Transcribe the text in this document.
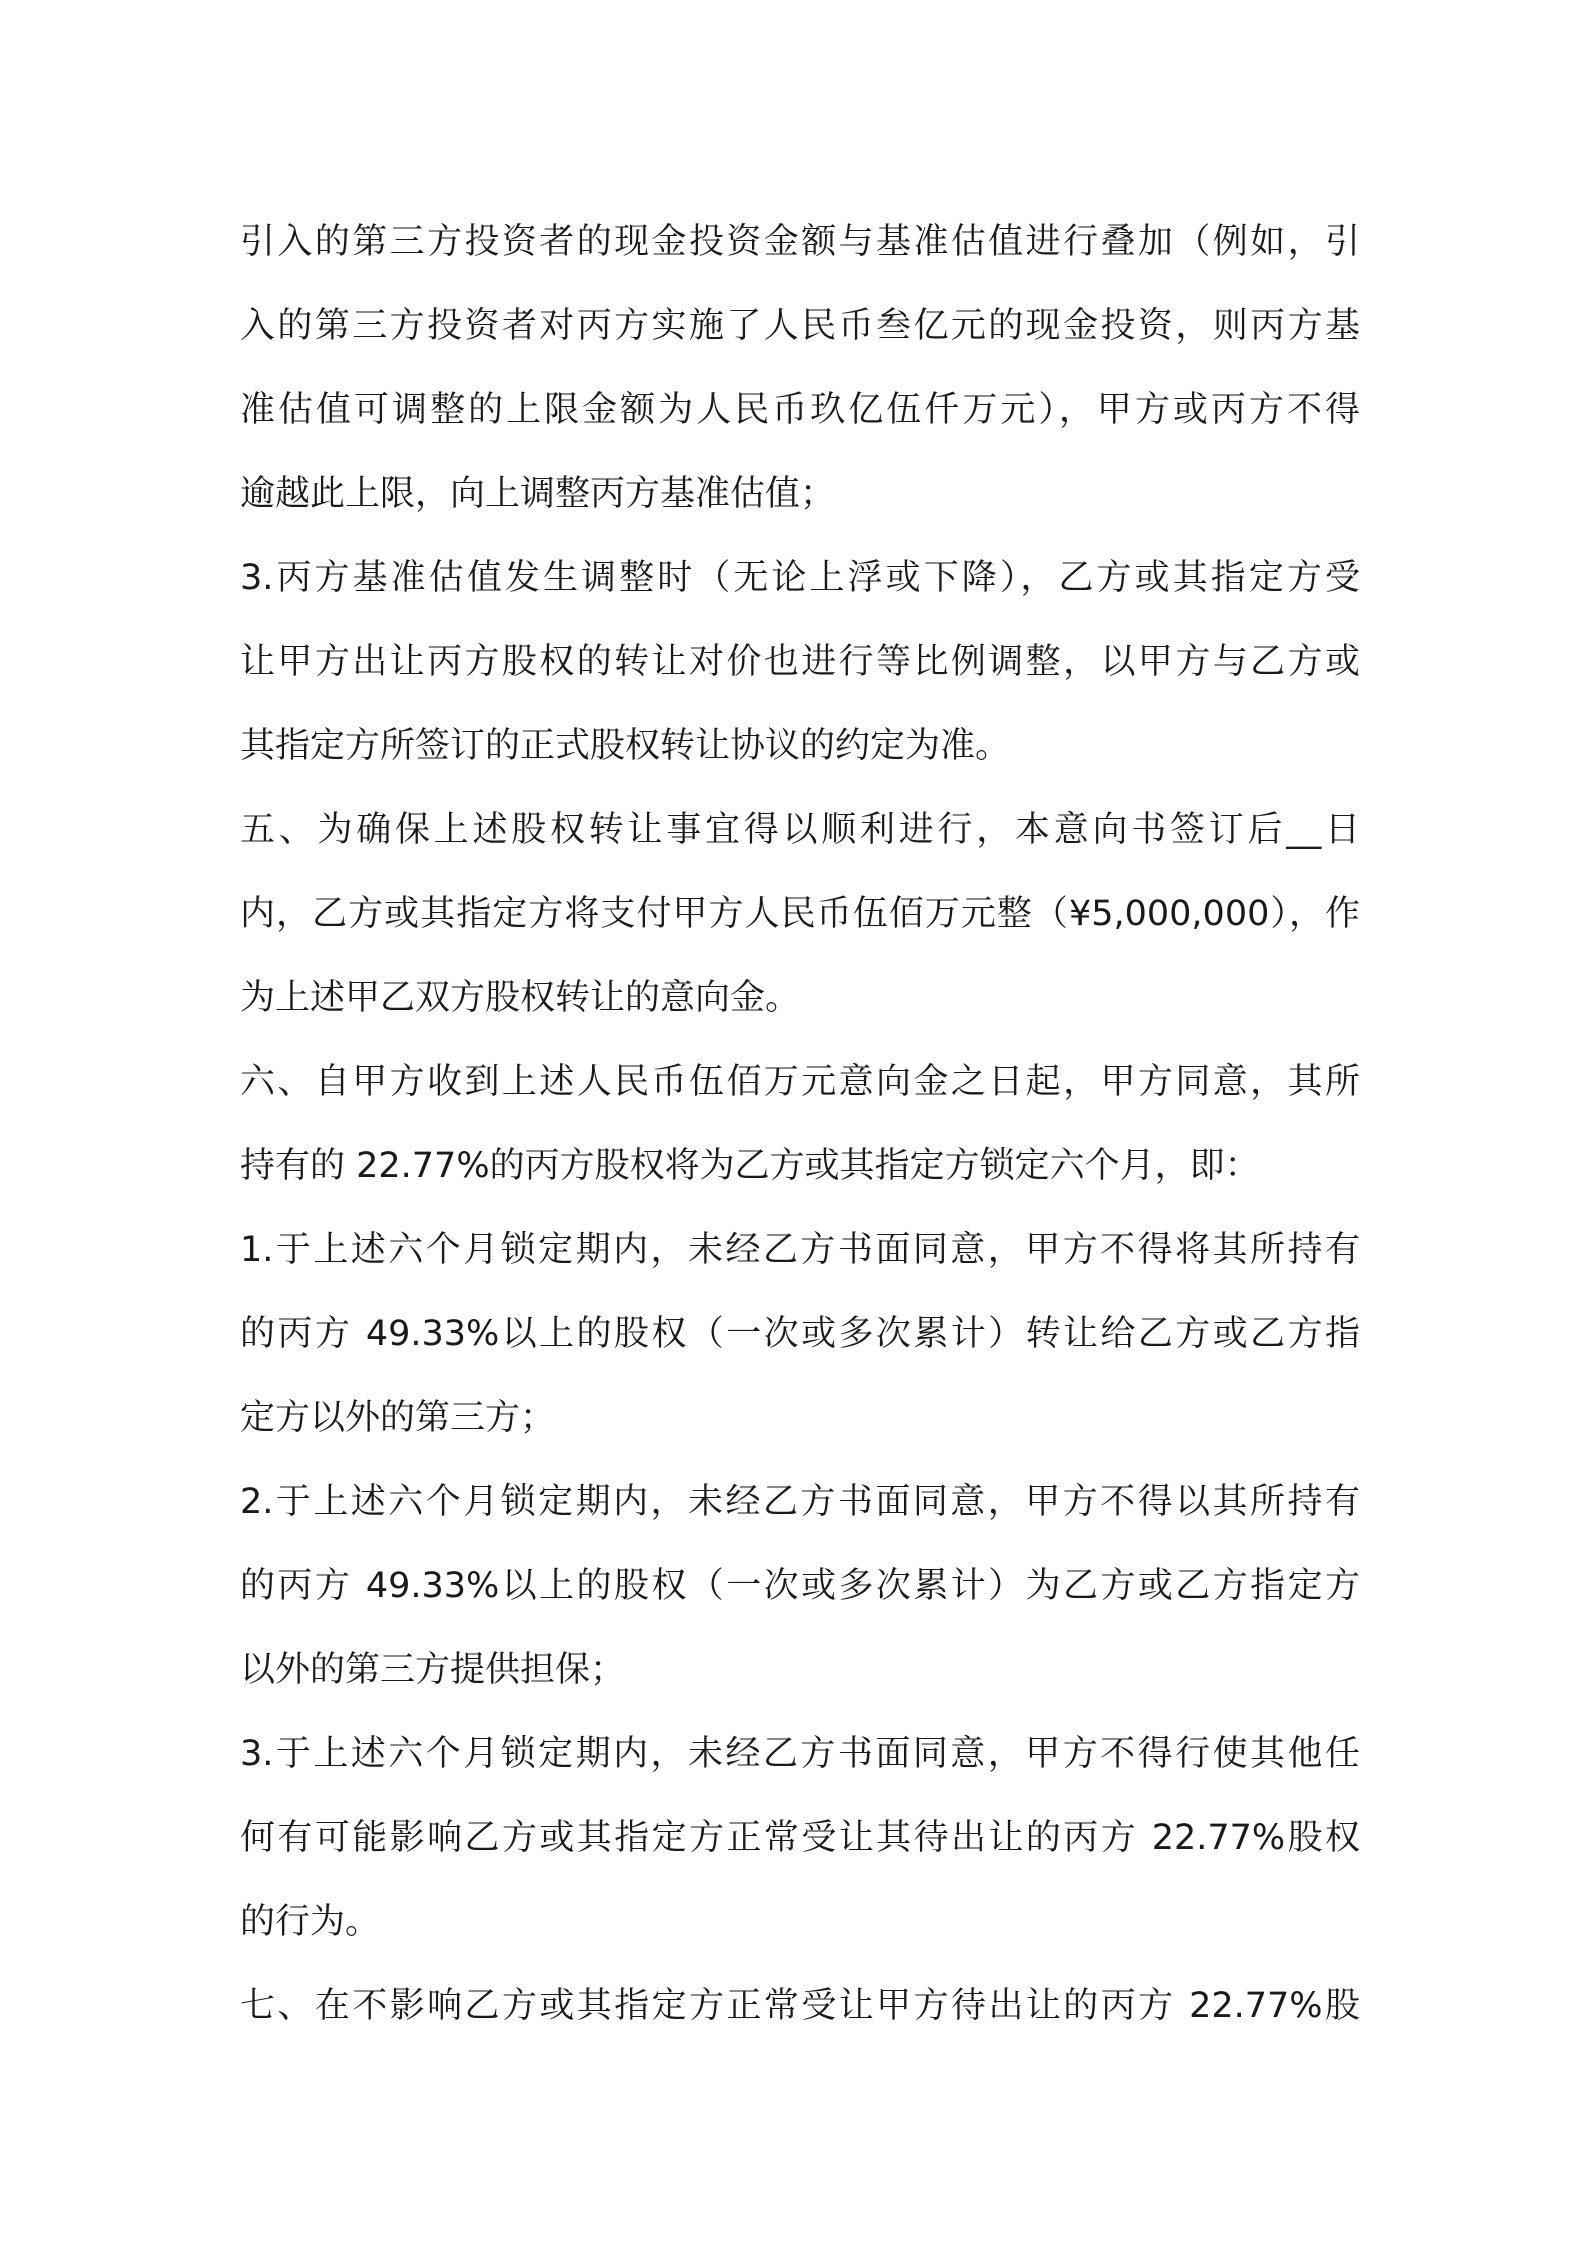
引入的第三方投资者的现金投资金额与基准估值进行叠加（例如，引
入的第三方投资者对丙方实施了人民币叁亿元的现金投资，则丙方基
准估值可调整的上限金额为人民币玖亿伍仟万元），甲方或丙方不得
逾越此上限，向上调整丙方基准估值；
3.丙方基准估值发生调整时（无论上浮或下降），乙方或其指定方受
让甲方出让丙方股权的转让对价也进行等比例调整，以甲方与乙方或
其指定方所签订的正式股权转让协议的约定为准。
五、为确保上述股权转让事宜得以顺利进行，本意向书签订后__日
内，乙方或其指定方将支付甲方人民币伍佰万元整（¥5,000,000），作
为上述甲乙双方股权转让的意向金。
六、自甲方收到上述人民币伍佰万元意向金之日起，甲方同意，其所
持有的 22.77%的丙方股权将为乙方或其指定方锁定六个月，即：
1.于上述六个月锁定期内，未经乙方书面同意，甲方不得将其所持有
的丙方 49.33%以上的股权（一次或多次累计）转让给乙方或乙方指
定方以外的第三方；
2.于上述六个月锁定期内，未经乙方书面同意，甲方不得以其所持有
的丙方 49.33%以上的股权（一次或多次累计）为乙方或乙方指定方
以外的第三方提供担保；
3.于上述六个月锁定期内，未经乙方书面同意，甲方不得行使其他任
何有可能影响乙方或其指定方正常受让其待出让的丙方 22.77%股权
的行为。
七、在不影响乙方或其指定方正常受让甲方待出让的丙方 22.77%股
